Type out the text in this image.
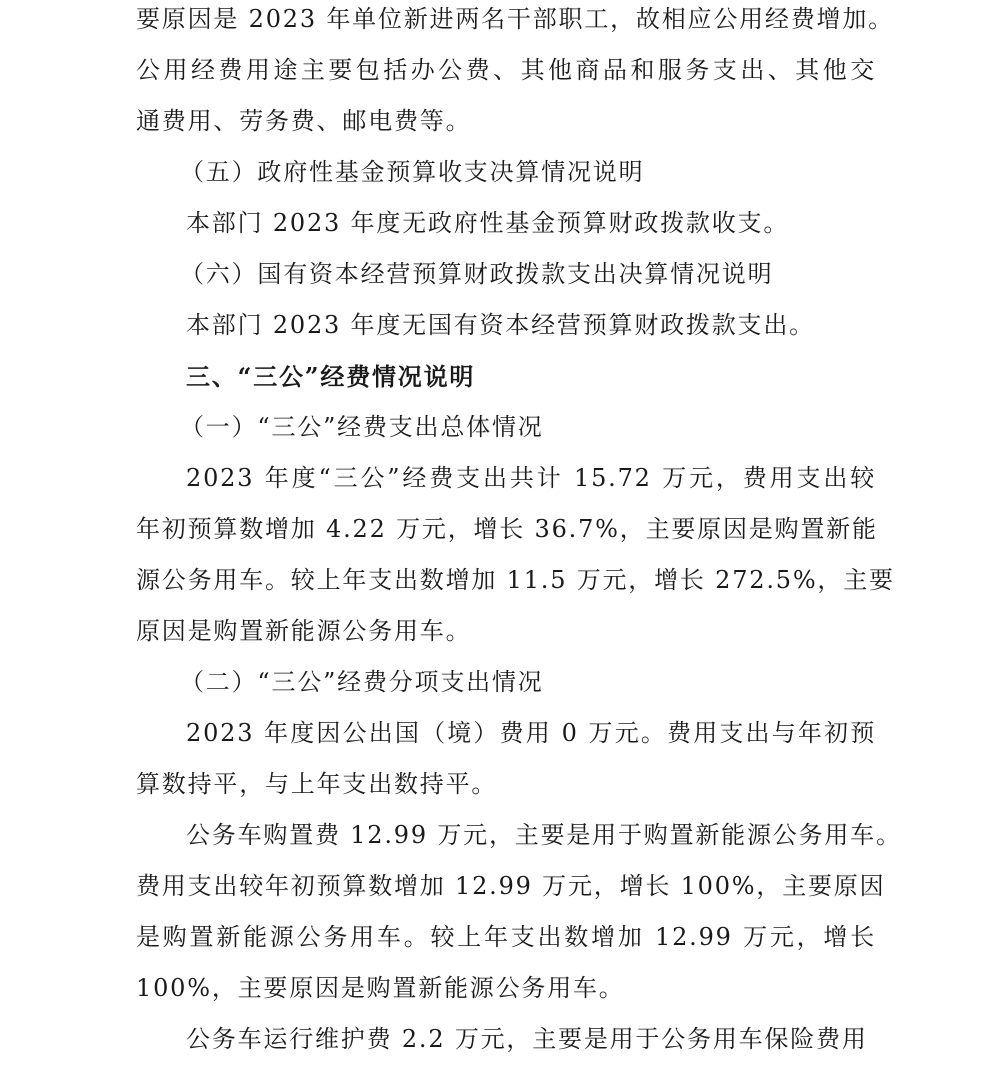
要原因是 2023 年单位新进两名干部职工，故相应公用经费增加。

公用经费用途主要包括办公费、其他商品和服务支出、其他交

通费用、劳务费、邮电费等。

（五）政府性基金预算收支决算情况说明

本部门 2023 年度无政府性基金预算财政拨款收支。

（六）国有资本经营预算财政拨款支出决算情况说明

本部门 2023 年度无国有资本经营预算财政拨款支出。

三、“三公”经费情况说明

（一）“三公”经费支出总体情况

2023 年度“三公”经费支出共计 15.72 万元，费用支出较

年初预算数增加 4.22 万元，增长 36.7%，主要原因是购置新能

源公务用车。较上年支出数增加 11.5 万元，增长 272.5%，主要

原因是购置新能源公务用车。

（二）“三公”经费分项支出情况

2023 年度因公出国（境）费用 0 万元。费用支出与年初预

算数持平，与上年支出数持平。

公务车购置费 12.99 万元，主要是用于购置新能源公务用车。

费用支出较年初预算数增加 12.99 万元，增长 100%，主要原因

是购置新能源公务用车。较上年支出数增加 12.99 万元，增长

100%，主要原因是购置新能源公务用车。

公务车运行维护费 2.2 万元，主要是用于公务用车保险费用
